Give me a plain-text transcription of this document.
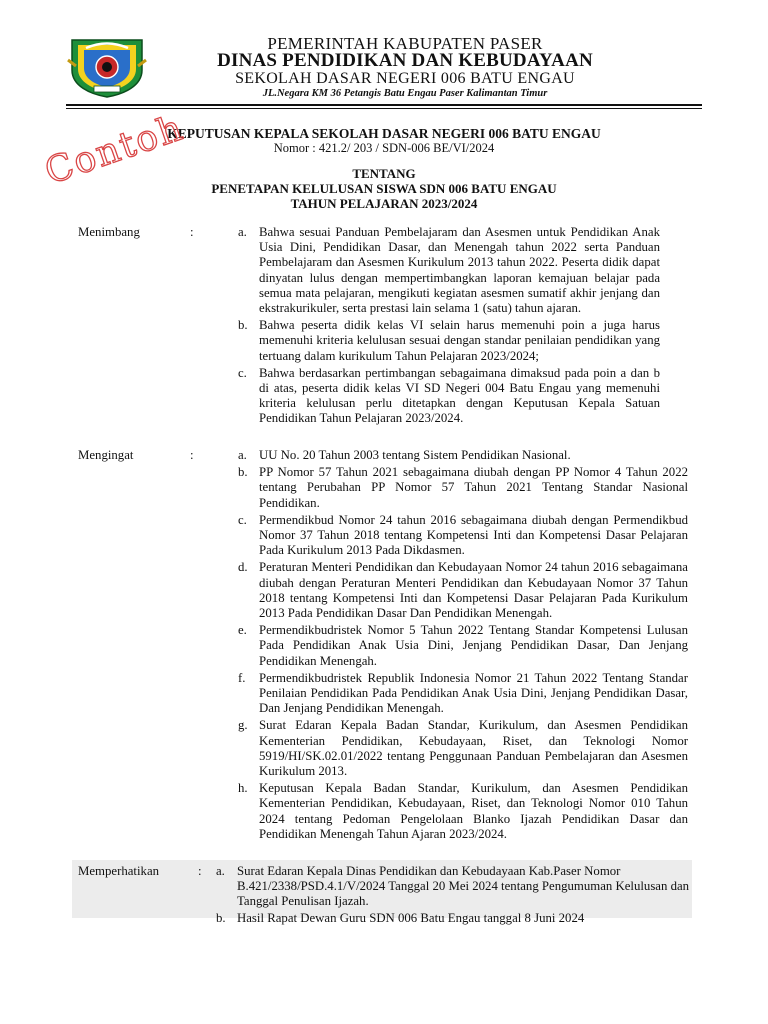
PEMERINTAH KABUPATEN PASER
DINAS PENDIDIKAN DAN KEBUDAYAAN
SEKOLAH DASAR NEGERI 006 BATU ENGAU
JL.Negara KM 36 Petangis Batu Engau Paser Kalimantan Timur
KEPUTUSAN KEPALA SEKOLAH DASAR NEGERI 006 BATU ENGAU
Nomor : 421.2/ 203 / SDN-006 BE/VI/2024
TENTANG
PENETAPAN KELULUSAN SISWA SDN 006 BATU ENGAU
TAHUN PELAJARAN 2023/2024
Contoh
Menimbang	:	a. Bahwa sesuai Panduan Pembelajaram dan Asesmen untuk Pendidikan Anak Usia Dini, Pendidikan Dasar, dan Menengah tahun 2022 serta Panduan Pembelajaram dan Asesmen Kurikulum 2013 tahun 2022. Peserta didik dapat dinyatan lulus dengan mempertimbangkan laporan kemajuan belajar pada semua mata pelajaran, mengikuti kegiatan asesmen sumatif akhir jenjang dan ekstrakurikuler, serta prestasi lain selama 1 (satu) tahun ajaran.
b. Bahwa peserta didik kelas VI selain harus memenuhi poin a juga harus memenuhi kriteria kelulusan sesuai dengan standar penilaian pendidikan yang tertuang dalam kurikulum Tahun Pelajaran 2023/2024;
c. Bahwa berdasarkan pertimbangan sebagaimana dimaksud pada poin a dan b di atas, peserta didik kelas VI SD Negeri 004 Batu Engau yang memenuhi kriteria kelulusan perlu ditetapkan dengan Keputusan Kepala Satuan Pendidikan Tahun Pelajaran 2023/2024.
Mengingat	:	a. UU No. 20 Tahun 2003 tentang Sistem Pendidikan Nasional.
b. PP Nomor 57 Tahun 2021 sebagaimana diubah dengan PP Nomor 4 Tahun 2022 tentang Perubahan PP Nomor 57 Tahun 2021 Tentang Standar Nasional Pendidikan.
c. Permendikbud Nomor 24 tahun 2016 sebagaimana diubah dengan Permendikbud Nomor 37 Tahun 2018 tentang Kompetensi Inti dan Kompetensi Dasar Pelajaran Pada Kurikulum 2013 Pada Dikdasmen.
d. Peraturan Menteri Pendidikan dan Kebudayaan Nomor 24 tahun 2016 sebagaimana diubah dengan Peraturan Menteri Pendidikan dan Kebudayaan Nomor 37 Tahun 2018 tentang Kompetensi Inti dan Kompetensi Dasar Pelajaran Pada Kurikulum 2013 Pada Pendidikan Dasar Dan Pendidikan Menengah.
e. Permendikbudristek Nomor 5 Tahun 2022 Tentang Standar Kompetensi Lulusan Pada Pendidikan Anak Usia Dini, Jenjang Pendidikan Dasar, Dan Jenjang Pendidikan Menengah.
f. Permendikbudristek Republik Indonesia Nomor 21 Tahun 2022 Tentang Standar Penilaian Pendidikan Pada Pendidikan Anak Usia Dini, Jenjang Pendidikan Dasar, Dan Jenjang Pendidikan Menengah.
g. Surat Edaran Kepala Badan Standar, Kurikulum, dan Asesmen Pendidikan Kementerian Pendidikan, Kebudayaan, Riset, dan Teknologi Nomor 5919/HI/SK.02.01/2022 tentang Penggunaan Panduan Pembelajaran dan Asesmen Kurikulum 2013.
h. Keputusan Kepala Badan Standar, Kurikulum, dan Asesmen Pendidikan Kementerian Pendidikan, Kebudayaan, Riset, dan Teknologi Nomor 010 Tahun 2024 tentang Pedoman Pengelolaan Blanko Ijazah Pendidikan Dasar dan Pendidikan Menengah Tahun Ajaran 2023/2024.
Memperhatikan	: a. Surat Edaran Kepala Dinas Pendidikan dan Kebudayaan Kab.Paser Nomor B.421/2338/PSD.4.1/V/2024 Tanggal 20 Mei 2024 tentang Pengumuman Kelulusan dan Tanggal Penulisan Ijazah.
b. Hasil Rapat Dewan Guru SDN 006 Batu Engau tanggal 8 Juni 2024
